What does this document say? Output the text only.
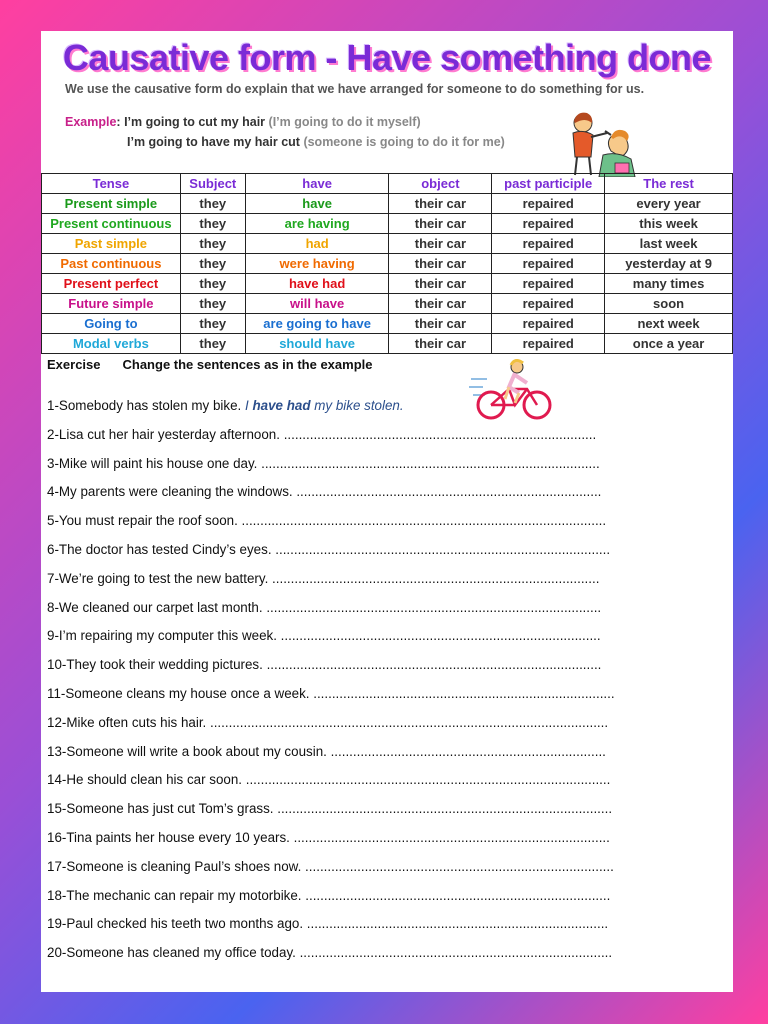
Causative form - Have something done
We use the causative form do explain that we have arranged for someone to do something for us.
Example: I’m going to cut my hair (I’m going to do it myself)
I’m going to have my hair cut (someone is going to do it for me)
Tense	Subject	have	object	past participle	The rest
Present simple	they	have	their car	repaired	every year
Present continuous	they	are having	their car	repaired	this week
Past simple	they	had	their car	repaired	last week
Past continuous	they	were having	their car	repaired	yesterday at 9
Present perfect	they	have had	their car	repaired	many times
Future simple	they	will have	their car	repaired	soon
Going to	they	are going to have	their car	repaired	next week
Modal verbs	they	should have	their car	repaired	once a year
Exercise Change the sentences as in the example
1-Somebody has stolen my bike. I have had my bike stolen.
2-Lisa cut her hair yesterday afternoon. ....................................................................................
3-Mike will paint his house one day. ...........................................................................................
4-My parents were cleaning the windows. ..................................................................................
5-You must repair the roof soon. ..................................................................................................
6-The doctor has tested Cindy’s eyes. ..........................................................................................
7-We’re going to test the new battery. ........................................................................................
8-We cleaned our carpet last month. ..........................................................................................
9-I’m repairing my computer this week. ......................................................................................
10-They took their wedding pictures. ..........................................................................................
11-Someone cleans my house once a week. .................................................................................
12-Mike often cuts his hair. ...........................................................................................................
13-Someone will write a book about my cousin. ..........................................................................
14-He should clean his car soon. ..................................................................................................
15-Someone has just cut Tom’s grass. ..........................................................................................
16-Tina paints her house every 10 years. .....................................................................................
17-Someone is cleaning Paul’s shoes now. ...................................................................................
18-The mechanic can repair my motorbike. ..................................................................................
19-Paul checked his teeth two months ago. .................................................................................
20-Someone has cleaned my office today. ....................................................................................
